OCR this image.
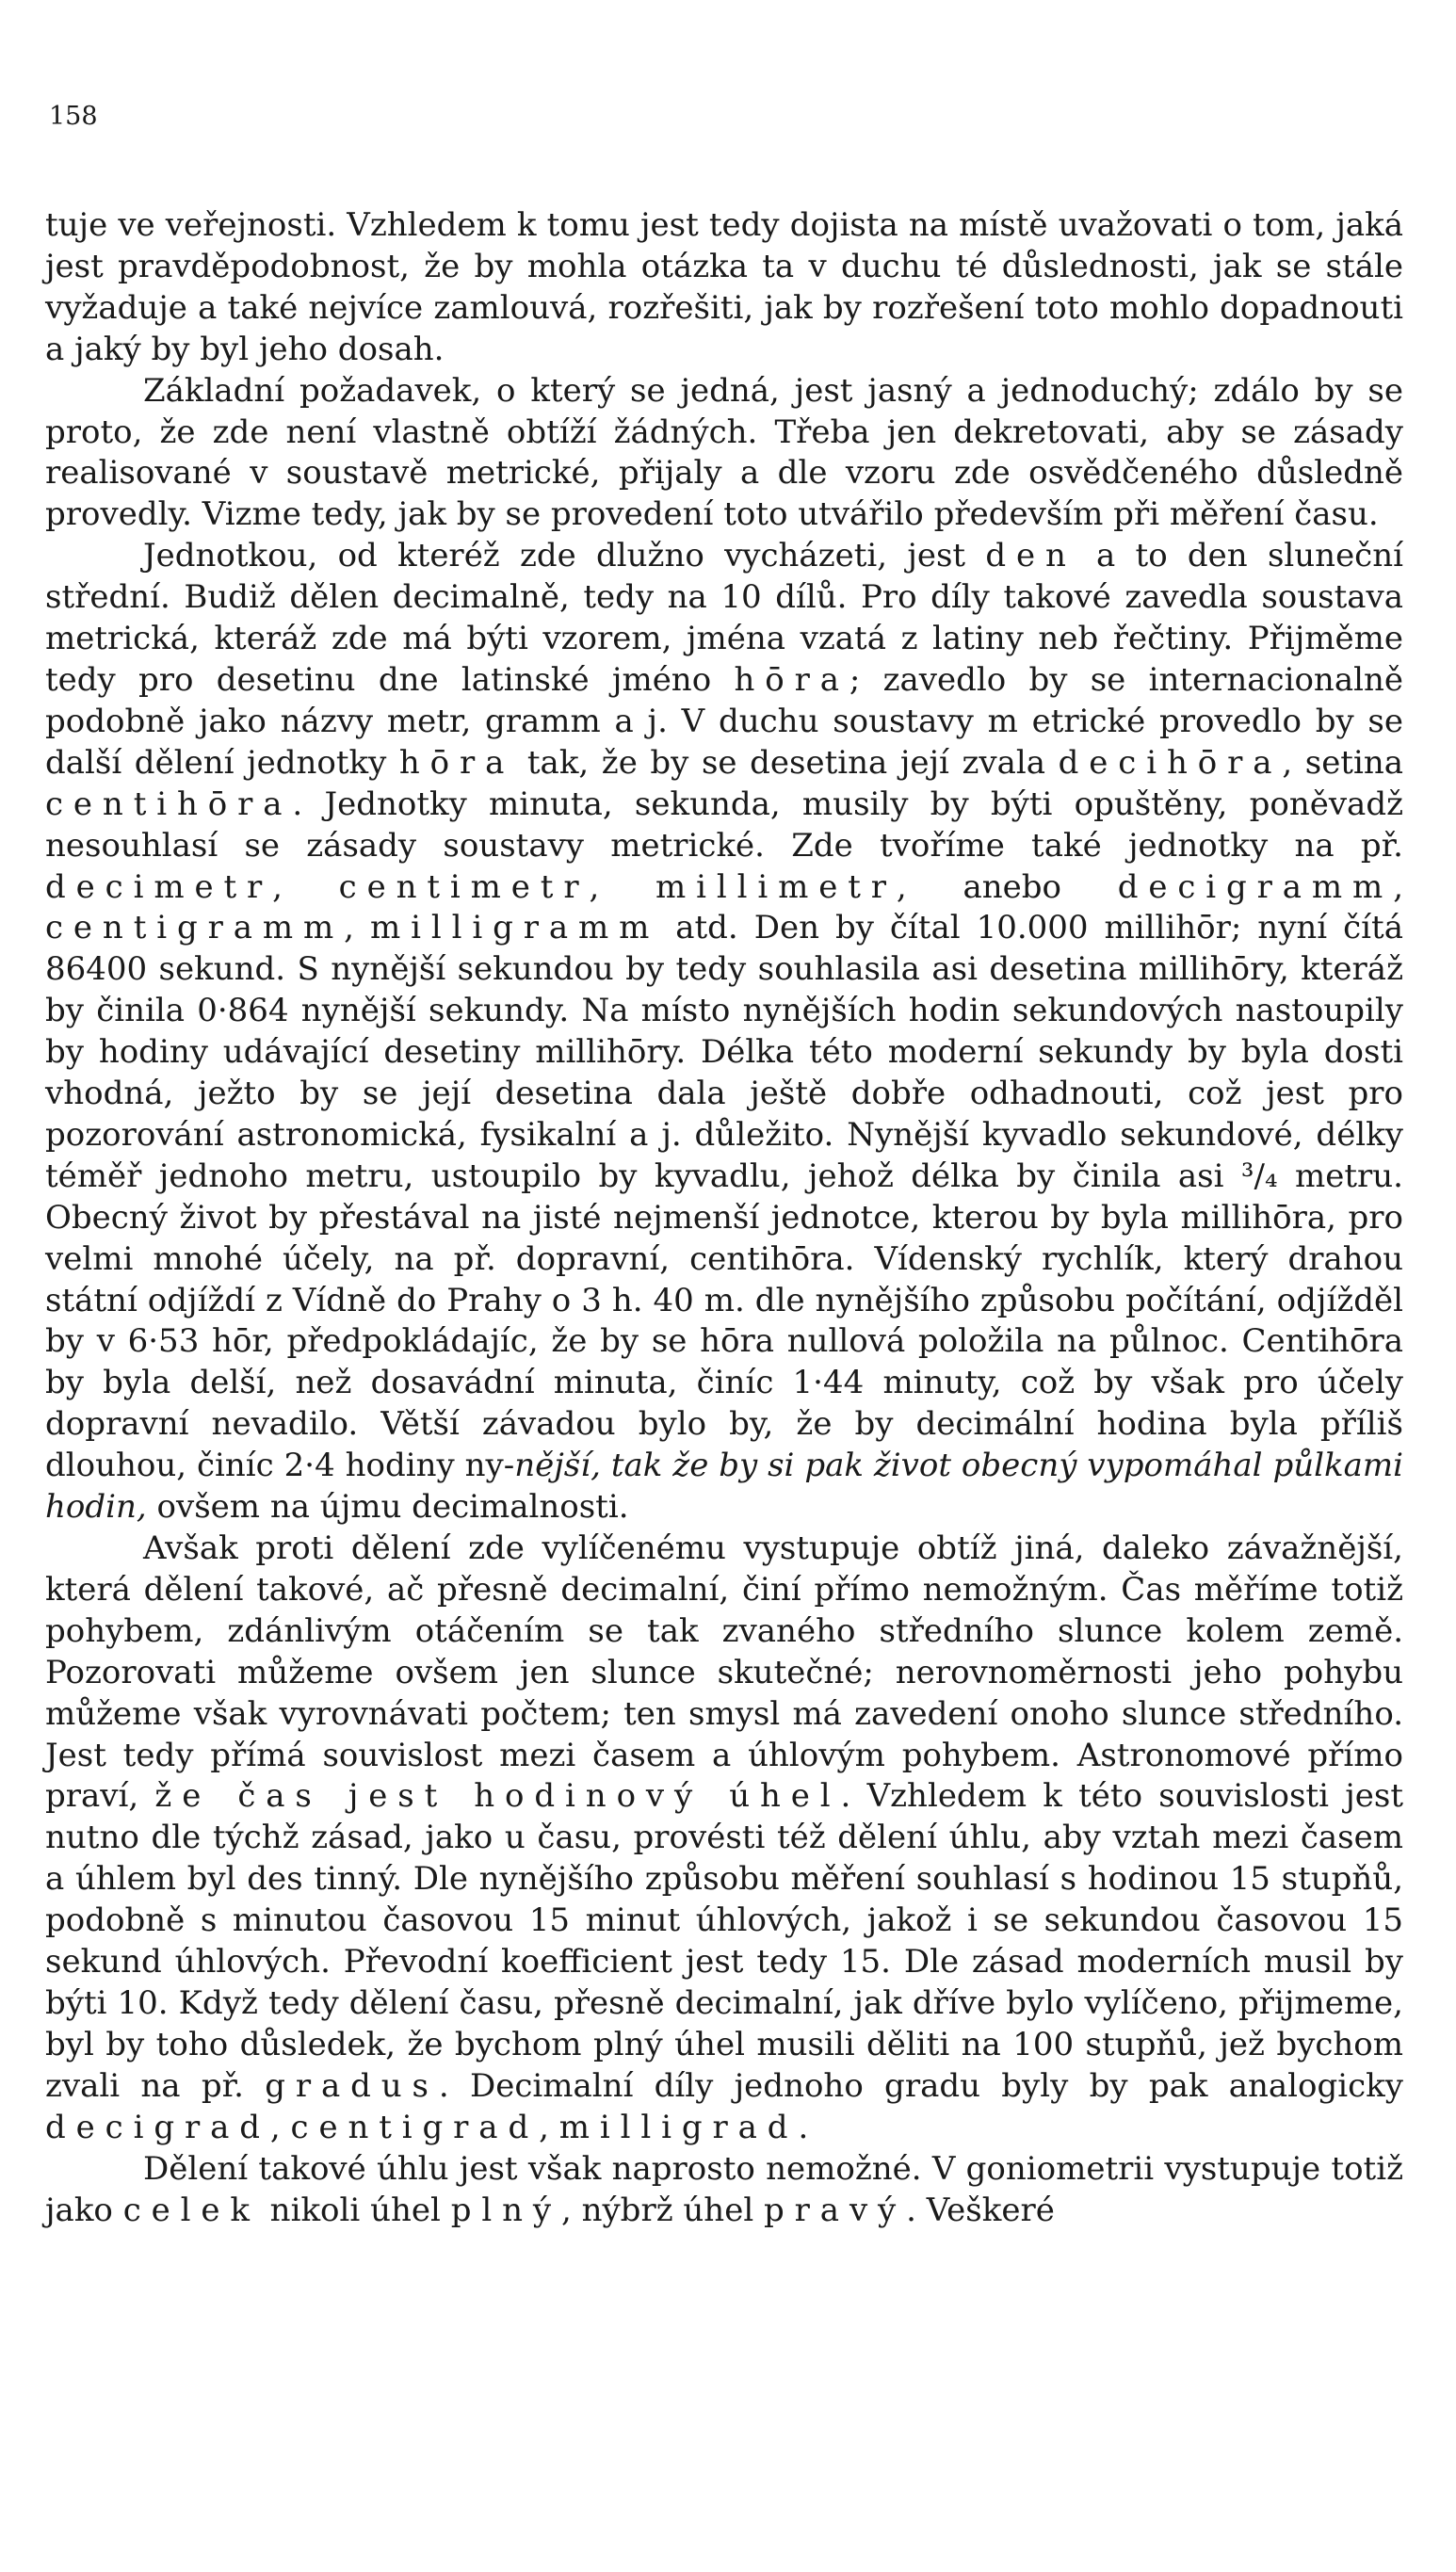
158

tuje ve veřejnosti. Vzhledem k tomu jest tedy dojista na místě uvažovati o tom, jaká jest pravděpodobnost, že by mohla otázka ta v duchu té důslednosti, jak se stále vyžaduje a také nejvíce zamlouvá, rozřešiti, jak by rozřešení toto mohlo dopadnouti a jaký by byl jeho dosah.

Základní požadavek, o který se jedná, jest jasný a jednoduchý; zdálo by se proto, že zde není vlastně obtíží žádných. Třeba jen dekretovati, aby se zásady realisované v soustavě metrické, přijaly a dle vzoru zde osvědčeného důsledně provedly. Vizme tedy, jak by se provedení toto utvářilo především při měření času.

Jednotkou, od kteréž zde dlužno vycházeti, jest den a to den sluneční střední. Budiž dělen decimalně, tedy na 10 dílů. Pro díly takové zavedla soustava metrická, kteráž zde má býti vzorem, jména vzatá z latiny neb řečtiny. Přijměme tedy pro desetinu dne latinské jméno hōra; zavedlo by se internacionalně podobně jako názvy metr, gramm a j. V duchu soustavy m etrické provedlo by se další dělení jednotky hōra tak, že by se desetina její zvala decihōra, setina centihōra. Jednotky minuta, sekunda, musily by býti opuštěny, poněvadž nesouhlasí se zásady soustavy metrické. Zde tvoříme také jednotky na př. decimetr, centimetr, millimetr, anebo decigramm, centigramm, milligramm atd. Den by čítal 10.000 millihōr; nyní čítá 86400 sekund. S nynější sekundou by tedy souhlasila asi desetina millihōry, kteráž by činila 0·864 nynější sekundy. Na místo nynějších hodin sekundových nastoupily by hodiny udávající desetiny millihōry. Délka této moderní sekundy by byla dosti vhodná, ježto by se její desetina dala ještě dobře odhadnouti, což jest pro pozorování astronomická, fysikalní a j. důležito. Nynější kyvadlo sekundové, délky téměř jednoho metru, ustoupilo by kyvadlu, jehož délka by činila asi ³/₄ metru. Obecný život by přestával na jisté nejmenší jednotce, kterou by byla millihōra, pro velmi mnohé účely, na př. dopravní, centihōra. Vídenský rychlík, který drahou státní odjíždí z Vídně do Prahy o 3 h. 40 m. dle nynějšího způsobu počítání, odjížděl by v 6·53 hōr, předpokládajíc, že by se hōra nullová položila na půlnoc. Centihōra by byla delší, než dosavádní minuta, činíc 1·44 minuty, což by však pro účely dopravní nevadilo. Větší závadou bylo by, že by decimální hodina byla příliš dlouhou, činíc 2·4 hodiny ny-nější, tak že by si pak život obecný vypomáhal půlkami hodin, ovšem na újmu decimalnosti.

Avšak proti dělení zde vylíčenému vystupuje obtíž jiná, daleko závažnější, která dělení takové, ač přesně decimalní, činí přímo nemožným. Čas měříme totiž pohybem, zdánlivým otáčením se tak zvaného středního slunce kolem země. Pozorovati můžeme ovšem jen slunce skutečné; nerovnoměrnosti jeho pohybu můžeme však vyrovnávati počtem; ten smysl má zavedení onoho slunce středního. Jest tedy přímá souvislost mezi časem a úhlovým pohybem. Astronomové přímo praví, že čas jest hodinový úhel. Vzhledem k této souvislosti jest nutno dle týchž zásad, jako u času, provésti též dělení úhlu, aby vztah mezi časem a úhlem byl des tinný. Dle nynějšího způsobu měření souhlasí s hodinou 15 stupňů, podobně s minutou časovou 15 minut úhlových, jakož i se sekundou časovou 15 sekund úhlových. Převodní koefficient jest tedy 15. Dle zásad moderních musil by býti 10. Když tedy dělení času, přesně decimalní, jak dříve bylo vylíčeno, přijmeme, byl by toho důsledek, že bychom plný úhel musili děliti na 100 stupňů, jež bychom zvali na př. gradus. Decimalní díly jednoho gradu byly by pak analogicky decigrad, centigrad, milligrad.

Dělení takové úhlu jest však naprosto nemožné. V goniometrii vystupuje totiž jako celek nikoli úhel plný, nýbrž úhel pravý. Veškeré
